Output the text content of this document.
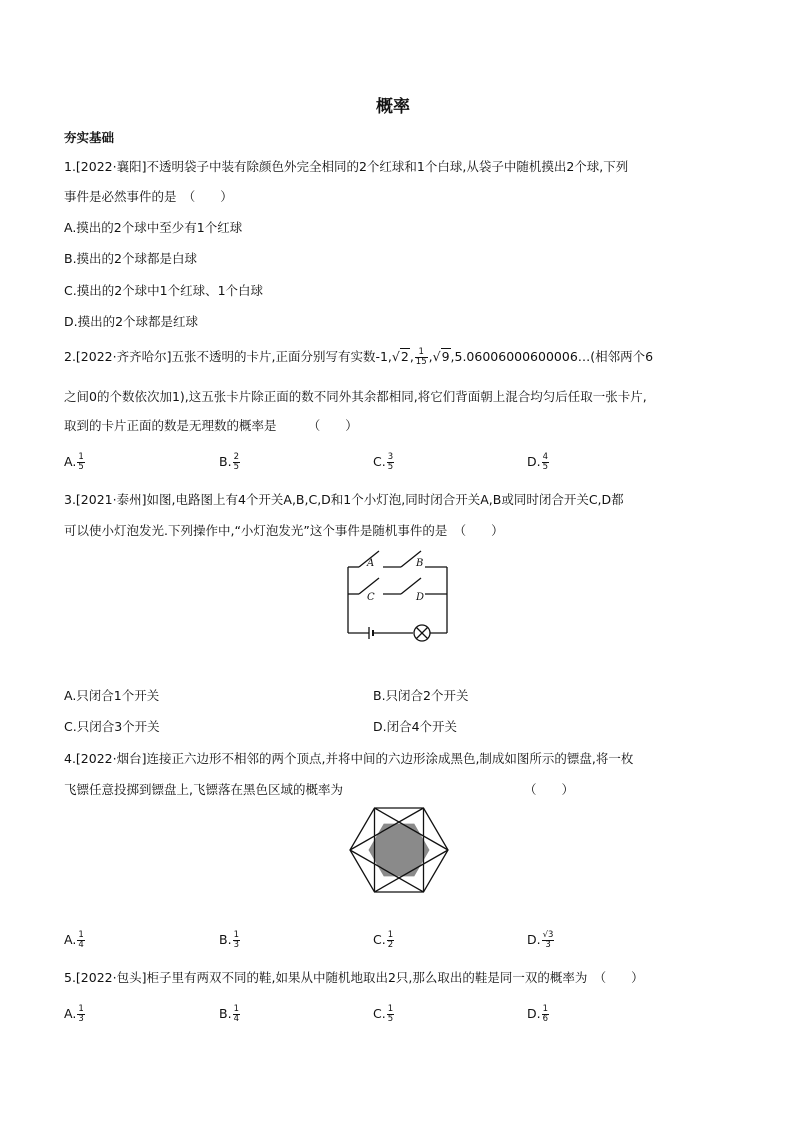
概率
夯实基础
1.[2022·襄阳]不透明袋子中装有除颜色外完全相同的2个红球和1个白球,从袋子中随机摸出2个球,下列
事件是必然事件的是　（　　）
A.摸出的2个球中至少有1个红球
B.摸出的2个球都是白球
C.摸出的2个球中1个红球、1个白球
D.摸出的2个球都是红球
2.[2022·齐齐哈尔]五张不透明的卡片,正面分别写有实数-1,√2, $\frac{1}{15}$ ,√9,5.06006000600006…(相邻两个6
之间0的个数依次加1),这五张卡片除正面的数不同外其余都相同,将它们背面朝上混合均匀后任取一张卡片,
取到的卡片正面的数是无理数的概率是　　　（　　）
A. $\frac{1}{5}$	B. $\frac{2}{5}$	C. $\frac{3}{5}$	D. $\frac{4}{5}$
3.[2021·泰州]如图,电路图上有4个开关A,B,C,D和1个小灯泡,同时闭合开关A,B或同时闭合开关C,D都
可以使小灯泡发光.下列操作中,“小灯泡发光”这个事件是随机事件的是　（　　）
A	B
C	D
A.只闭合1个开关	B.只闭合2个开关
C.只闭合3个开关	D.闭合4个开关
4.[2022·烟台]连接正六边形不相邻的两个顶点,并将中间的六边形涂成黑色,制成如图所示的镖盘,将一枚
飞镖任意投掷到镖盘上,飞镖落在黑色区域的概率为	（　　）
A. $\frac{1}{4}$	B. $\frac{1}{3}$	C. $\frac{1}{2}$	D. $\frac{√3}{3}$
5.[2022·包头]柜子里有两双不同的鞋,如果从中随机地取出2只,那么取出的鞋是同一双的概率为　（　　）
A. $\frac{1}{3}$	B. $\frac{1}{4}$	C. $\frac{1}{5}$	D. $\frac{1}{6}$
